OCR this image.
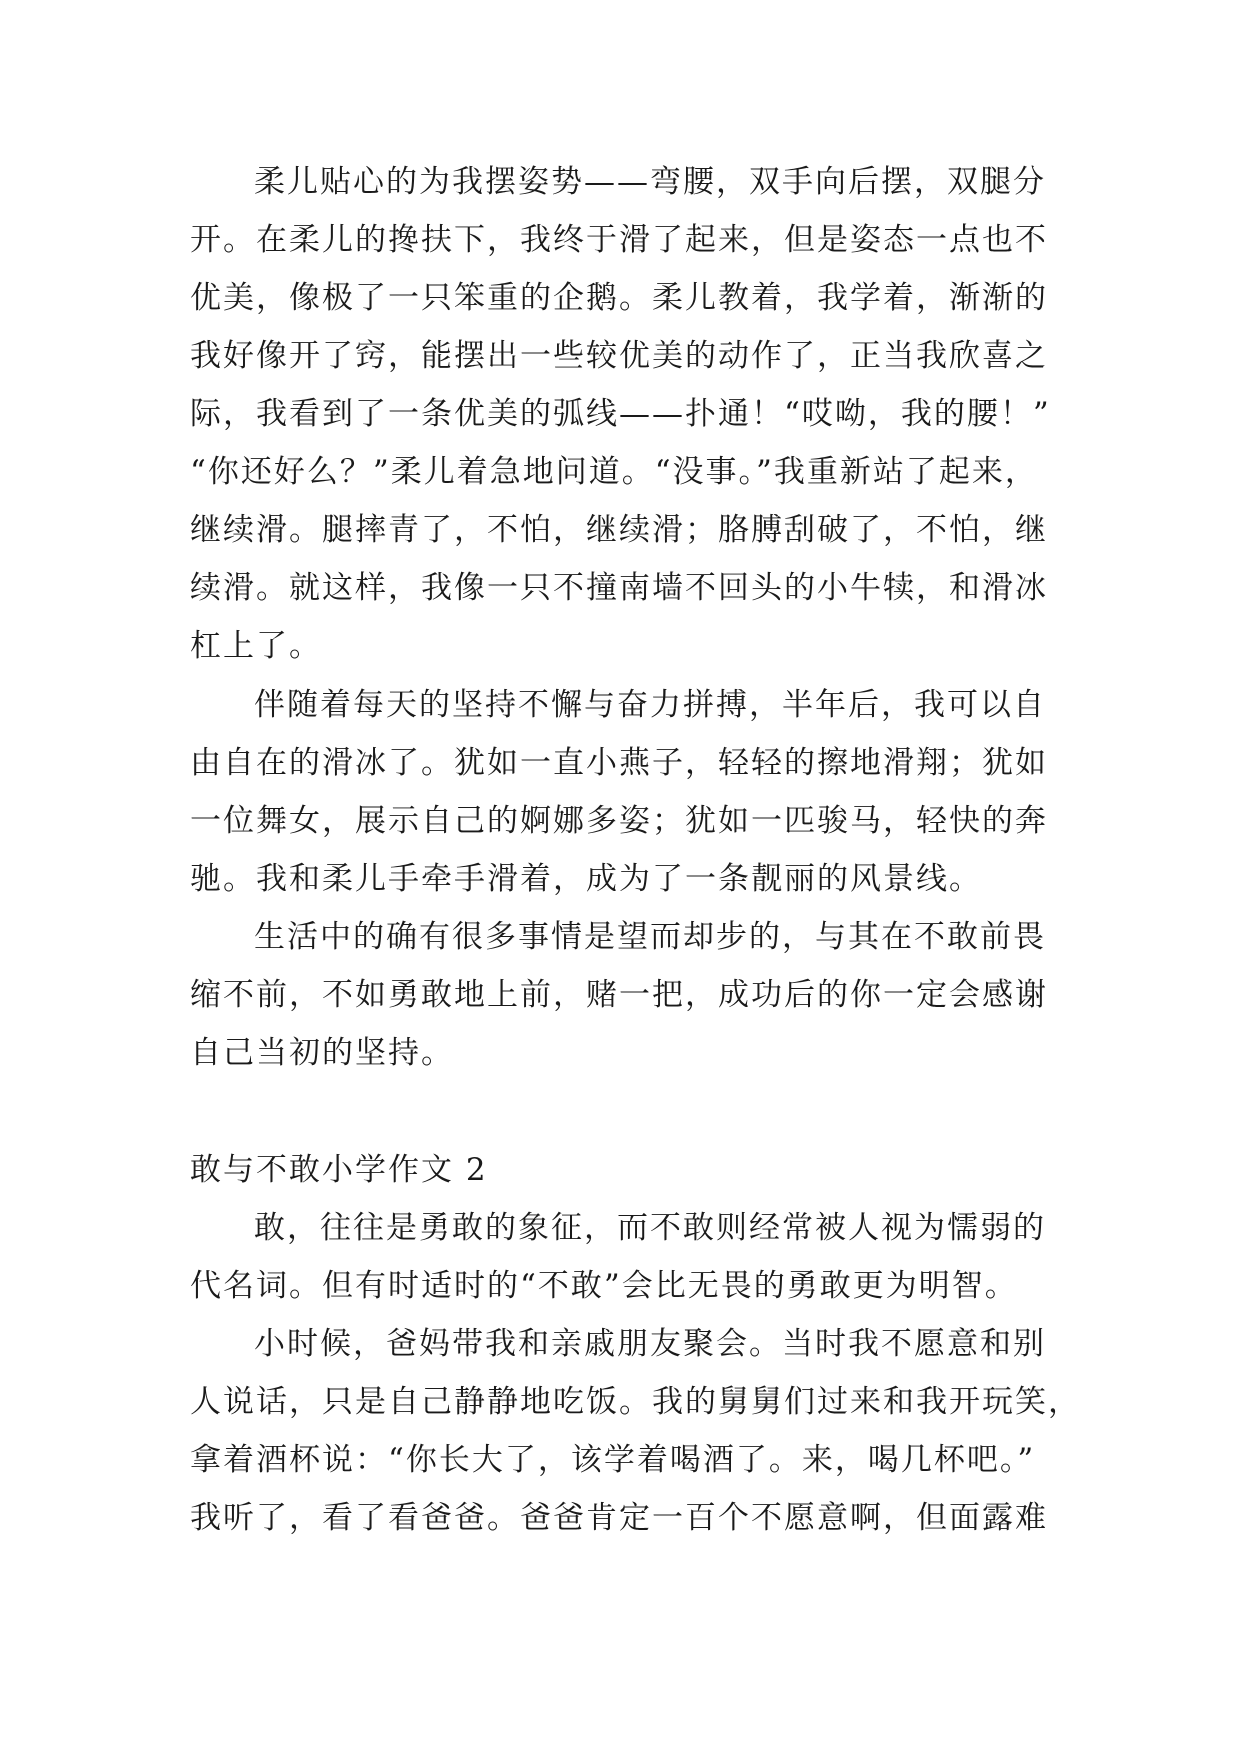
柔儿贴心的为我摆姿势——弯腰，双手向后摆，双腿分
开。在柔儿的搀扶下，我终于滑了起来，但是姿态一点也不
优美，像极了一只笨重的企鹅。柔儿教着，我学着，渐渐的
我好像开了窍，能摆出一些较优美的动作了，正当我欣喜之
际，我看到了一条优美的弧线——扑通！“哎呦，我的腰！”
“你还好么？”柔儿着急地问道。“没事。”我重新站了起来，
继续滑。腿摔青了，不怕，继续滑；胳膊刮破了，不怕，继
续滑。就这样，我像一只不撞南墙不回头的小牛犊，和滑冰
杠上了。
伴随着每天的坚持不懈与奋力拼搏，半年后，我可以自
由自在的滑冰了。犹如一直小燕子，轻轻的擦地滑翔；犹如
一位舞女，展示自己的婀娜多姿；犹如一匹骏马，轻快的奔
驰。我和柔儿手牵手滑着，成为了一条靓丽的风景线。
生活中的确有很多事情是望而却步的，与其在不敢前畏
缩不前，不如勇敢地上前，赌一把，成功后的你一定会感谢
自己当初的坚持。
敢与不敢小学作文 2
敢，往往是勇敢的象征，而不敢则经常被人视为懦弱的
代名词。但有时适时的“不敢”会比无畏的勇敢更为明智。
小时候，爸妈带我和亲戚朋友聚会。当时我不愿意和别
人说话，只是自己静静地吃饭。我的舅舅们过来和我开玩笑，
拿着酒杯说：“你长大了，该学着喝酒了。来，喝几杯吧。”
我听了，看了看爸爸。爸爸肯定一百个不愿意啊，但面露难
